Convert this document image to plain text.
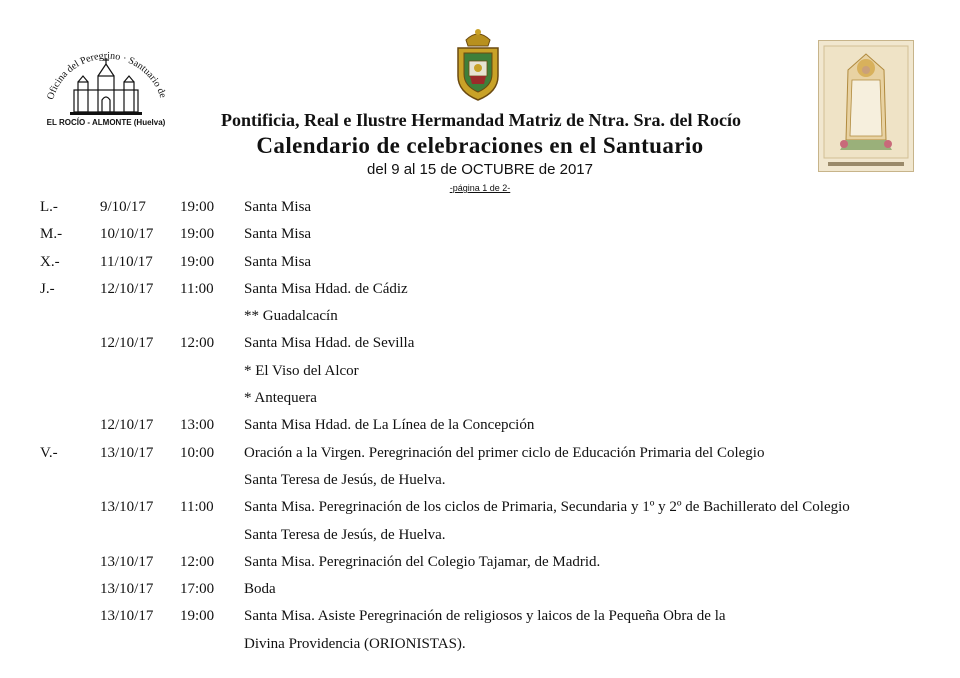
Oficina del Peregrino · Santuario de
EL ROCÍO - ALMONTE (Huelva)	Pontificia, Real e Ilustre Hermandad Matriz de Ntra. Sra. del Rocío
Calendario de celebraciones en el Santuario
del 9 al 15 de OCTUBRE de 2017
-página 1 de 2-
L.-	9/10/17 19:00 Santa Misa
M.-	10/10/17 19:00 Santa Misa
X.-	11/10/17 19:00 Santa Misa
J.-	12/10/17 11:00 Santa Misa Hdad. de Cádiz
** Guadalcacín
12/10/17 12:00 Santa Misa Hdad. de Sevilla
* El Viso del Alcor
* Antequera
12/10/17 13:00 Santa Misa Hdad. de La Línea de la Concepción
V.-	13/10/17 10:00 Oración a la Virgen. Peregrinación del primer ciclo de Educación Primaria del Colegio
Santa Teresa de Jesús, de Huelva.
13/10/17 11:00 Santa Misa. Peregrinación de los ciclos de Primaria, Secundaria y 1º y 2º de Bachillerato del Colegio
Santa Teresa de Jesús, de Huelva.
13/10/17 12:00 Santa Misa. Peregrinación del Colegio Tajamar, de Madrid.
13/10/17 17:00 Boda
13/10/17 19:00 Santa Misa. Asiste Peregrinación de religiosos y laicos de la Pequeña Obra de la
Divina Providencia (ORIONISTAS).
